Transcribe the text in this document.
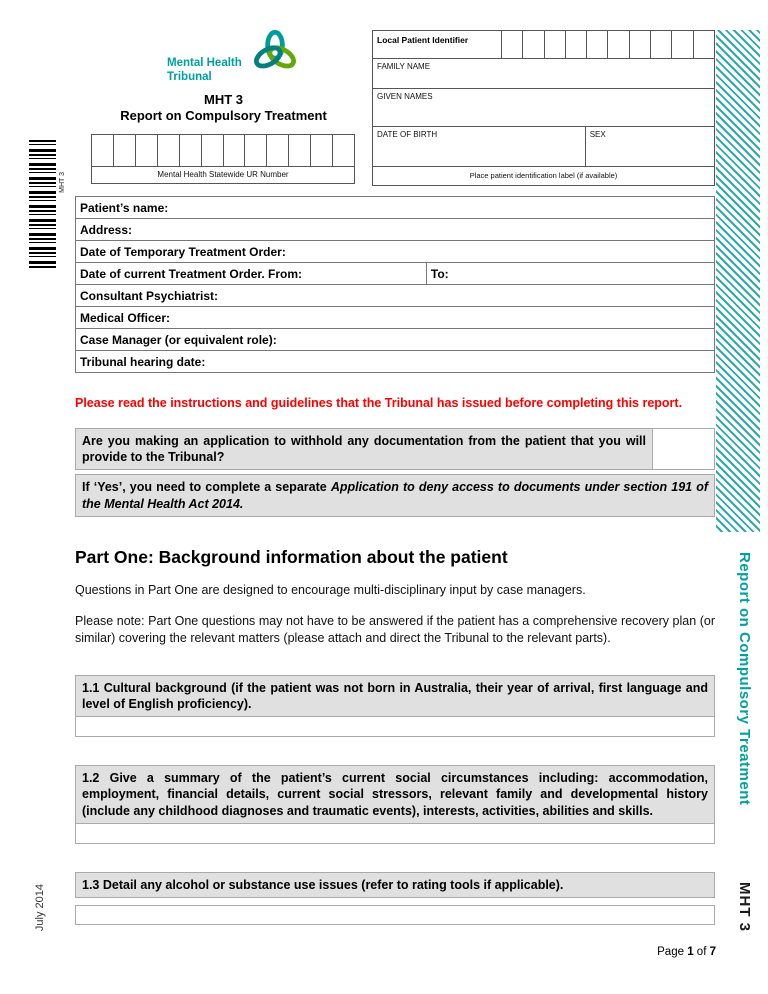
Report on Compulsory Treatment
MHT 3
MHT 3
July 2014
Mental Health
Tribunal
MHT 3
Report on Compulsory Treatment
Mental Health Statewide UR Number
Local Patient Identifier
FAMILY NAME
GIVEN NAMES
DATE OF BIRTH	SEX
Place patient identification label (if available)
Patient’s name:
Address:
Date of Temporary Treatment Order:
Date of current Treatment Order. From:	To:
Consultant Psychiatrist:
Medical Officer:
Case Manager (or equivalent role):
Tribunal hearing date:

Please read the instructions and guidelines that the Tribunal has issued before completing this report.

Are you making an application to withhold any documentation from the patient that you will provide to the Tribunal?
If ‘Yes’, you need to complete a separate Application to deny access to documents under section 191 of the Mental Health Act 2014.
Part One: Background information about the patient

Questions in Part One are designed to encourage multi-disciplinary input by case managers.

Please note: Part One questions may not have to be answered if the patient has a comprehensive recovery plan (or similar) covering the relevant matters (please attach and direct the Tribunal to the relevant parts).

1.1 Cultural background (if the patient was not born in Australia, their year of arrival, first language and level of English proficiency).
1.2 Give a summary of the patient’s current social circumstances including: accommodation, employment, financial details, current social stressors, relevant family and developmental history (include any childhood diagnoses and traumatic events), interests, activities, abilities and skills.
1.3 Detail any alcohol or substance use issues (refer to rating tools if applicable).
Page 1 of 7
